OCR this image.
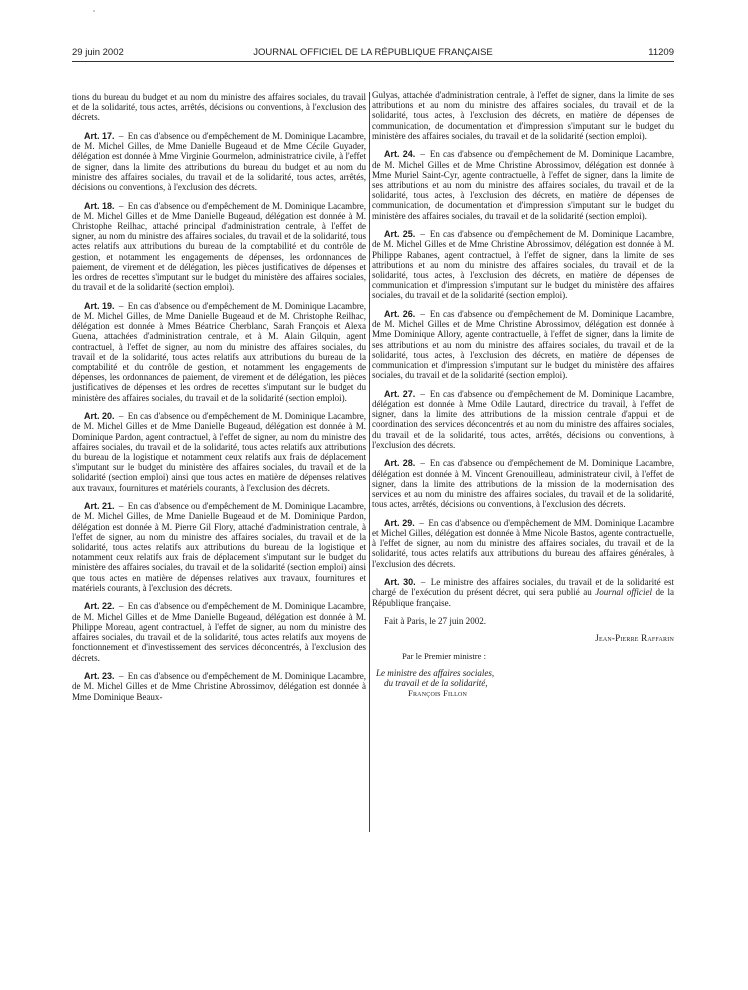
29 juin 2002	JOURNAL OFFICIEL DE LA RÉPUBLIQUE FRANÇAISE	11209

tions du bureau du budget et au nom du ministre des affaires sociales, du travail et de la solidarité, tous actes, arrêtés, décisions ou conventions, à l'exclusion des décrets.

Art. 17. – En cas d'absence ou d'empêchement de M. Dominique Lacambre, de M. Michel Gilles, de Mme Danielle Bugeaud et de Mme Cécile Guyader, délégation est donnée à Mme Virginie Gourmelon, administratrice civile, à l'effet de signer, dans la limite des attributions du bureau du budget et au nom du ministre des affaires sociales, du travail et de la solidarité, tous actes, arrêtés, décisions ou conventions, à l'exclusion des décrets.

Art. 18. – En cas d'absence ou d'empêchement de M. Dominique Lacambre, de M. Michel Gilles et de Mme Danielle Bugeaud, délégation est donnée à M. Christophe Reilhac, attaché principal d'administration centrale, à l'effet de signer, au nom du ministre des affaires sociales, du travail et de la solidarité, tous actes relatifs aux attributions du bureau de la comptabilité et du contrôle de gestion, et notamment les engagements de dépenses, les ordonnances de paiement, de virement et de délégation, les pièces justificatives de dépenses et les ordres de recettes s'imputant sur le budget du ministère des affaires sociales, du travail et de la solidarité (section emploi).

Art. 19. – En cas d'absence ou d'empêchement de M. Dominique Lacambre, de M. Michel Gilles, de Mme Danielle Bugeaud et de M. Christophe Reilhac, délégation est donnée à Mmes Béatrice Cherblanc, Sarah François et Alexa Guena, attachées d'administration centrale, et à M. Alain Gilquin, agent contractuel, à l'effet de signer, au nom du ministre des affaires sociales, du travail et de la solidarité, tous actes relatifs aux attributions du bureau de la comptabilité et du contrôle de gestion, et notamment les engagements de dépenses, les ordonnances de paiement, de virement et de délégation, les pièces justificatives de dépenses et les ordres de recettes s'imputant sur le budget du ministère des affaires sociales, du travail et de la solidarité (section emploi).

Art. 20. – En cas d'absence ou d'empêchement de M. Dominique Lacambre, de M. Michel Gilles et de Mme Danielle Bugeaud, délégation est donnée à M. Dominique Pardon, agent contractuel, à l'effet de signer, au nom du ministre des affaires sociales, du travail et de la solidarité, tous actes relatifs aux attributions du bureau de la logistique et notamment ceux relatifs aux frais de déplacement s'imputant sur le budget du ministère des affaires sociales, du travail et de la solidarité (section emploi) ainsi que tous actes en matière de dépenses relatives aux travaux, fournitures et matériels courants, à l'exclusion des décrets.

Art. 21. – En cas d'absence ou d'empêchement de M. Dominique Lacambre, de M. Michel Gilles, de Mme Danielle Bugeaud et de M. Dominique Pardon, délégation est donnée à M. Pierre Gil Flory, attaché d'administration centrale, à l'effet de signer, au nom du ministre des affaires sociales, du travail et de la solidarité, tous actes relatifs aux attributions du bureau de la logistique et notamment ceux relatifs aux frais de déplacement s'imputant sur le budget du ministère des affaires sociales, du travail et de la solidarité (section emploi) ainsi que tous actes en matière de dépenses relatives aux travaux, fournitures et matériels courants, à l'exclusion des décrets.

Art. 22. – En cas d'absence ou d'empêchement de M. Dominique Lacambre, de M. Michel Gilles et de Mme Danielle Bugeaud, délégation est donnée à M. Philippe Moreau, agent contractuel, à l'effet de signer, au nom du ministre des affaires sociales, du travail et de la solidarité, tous actes relatifs aux moyens de fonctionnement et d'investissement des services déconcentrés, à l'exclusion des décrets.

Art. 23. – En cas d'absence ou d'empêchement de M. Dominique Lacambre, de M. Michel Gilles et de Mme Christine Abrossimov, délégation est donnée à Mme Dominique Beaux-

Gulyas, attachée d'administration centrale, à l'effet de signer, dans la limite de ses attributions et au nom du ministre des affaires sociales, du travail et de la solidarité, tous actes, à l'exclusion des décrets, en matière de dépenses de communication, de documentation et d'impression s'imputant sur le budget du ministère des affaires sociales, du travail et de la solidarité (section emploi).

Art. 24. – En cas d'absence ou d'empêchement de M. Dominique Lacambre, de M. Michel Gilles et de Mme Christine Abrossimov, délégation est donnée à Mme Muriel Saint-Cyr, agente contractuelle, à l'effet de signer, dans la limite de ses attributions et au nom du ministre des affaires sociales, du travail et de la solidarité, tous actes, à l'exclusion des décrets, en matière de dépenses de communication, de documentation et d'impression s'imputant sur le budget du ministère des affaires sociales, du travail et de la solidarité (section emploi).

Art. 25. – En cas d'absence ou d'empêchement de M. Dominique Lacambre, de M. Michel Gilles et de Mme Christine Abrossimov, délégation est donnée à M. Philippe Rabanes, agent contractuel, à l'effet de signer, dans la limite de ses attributions et au nom du ministre des affaires sociales, du travail et de la solidarité, tous actes, à l'exclusion des décrets, en matière de dépenses de communication et d'impression s'imputant sur le budget du ministère des affaires sociales, du travail et de la solidarité (section emploi).

Art. 26. – En cas d'absence ou d'empêchement de M. Dominique Lacambre, de M. Michel Gilles et de Mme Christine Abrossimov, délégation est donnée à Mme Dominique Allory, agente contractuelle, à l'effet de signer, dans la limite de ses attributions et au nom du ministre des affaires sociales, du travail et de la solidarité, tous actes, à l'exclusion des décrets, en matière de dépenses de communication et d'impression s'imputant sur le budget du ministère des affaires sociales, du travail et de la solidarité (section emploi).

Art. 27. – En cas d'absence ou d'empêchement de M. Dominique Lacambre, délégation est donnée à Mme Odile Lautard, directrice du travail, à l'effet de signer, dans la limite des attributions de la mission centrale d'appui et de coordination des services déconcentrés et au nom du ministre des affaires sociales, du travail et de la solidarité, tous actes, arrêtés, décisions ou conventions, à l'exclusion des décrets.

Art. 28. – En cas d'absence ou d'empêchement de M. Dominique Lacambre, délégation est donnée à M. Vincent Grenouilleau, administrateur civil, à l'effet de signer, dans la limite des attributions de la mission de la modernisation des services et au nom du ministre des affaires sociales, du travail et de la solidarité, tous actes, arrêtés, décisions ou conventions, à l'exclusion des décrets.

Art. 29. – En cas d'absence ou d'empêchement de MM. Dominique Lacambre et Michel Gilles, délégation est donnée à Mme Nicole Bastos, agente contractuelle, à l'effet de signer, au nom du ministre des affaires sociales, du travail et de la solidarité, tous actes relatifs aux attributions du bureau des affaires générales, à l'exclusion des décrets.

Art. 30. – Le ministre des affaires sociales, du travail et de la solidarité est chargé de l'exécution du présent décret, qui sera publié au Journal officiel de la République française.

Fait à Paris, le 27 juin 2002.

Jean-Pierre Raffarin

Par le Premier ministre :

Le ministre des affaires sociales,

du travail et de la solidarité,

François Fillon
